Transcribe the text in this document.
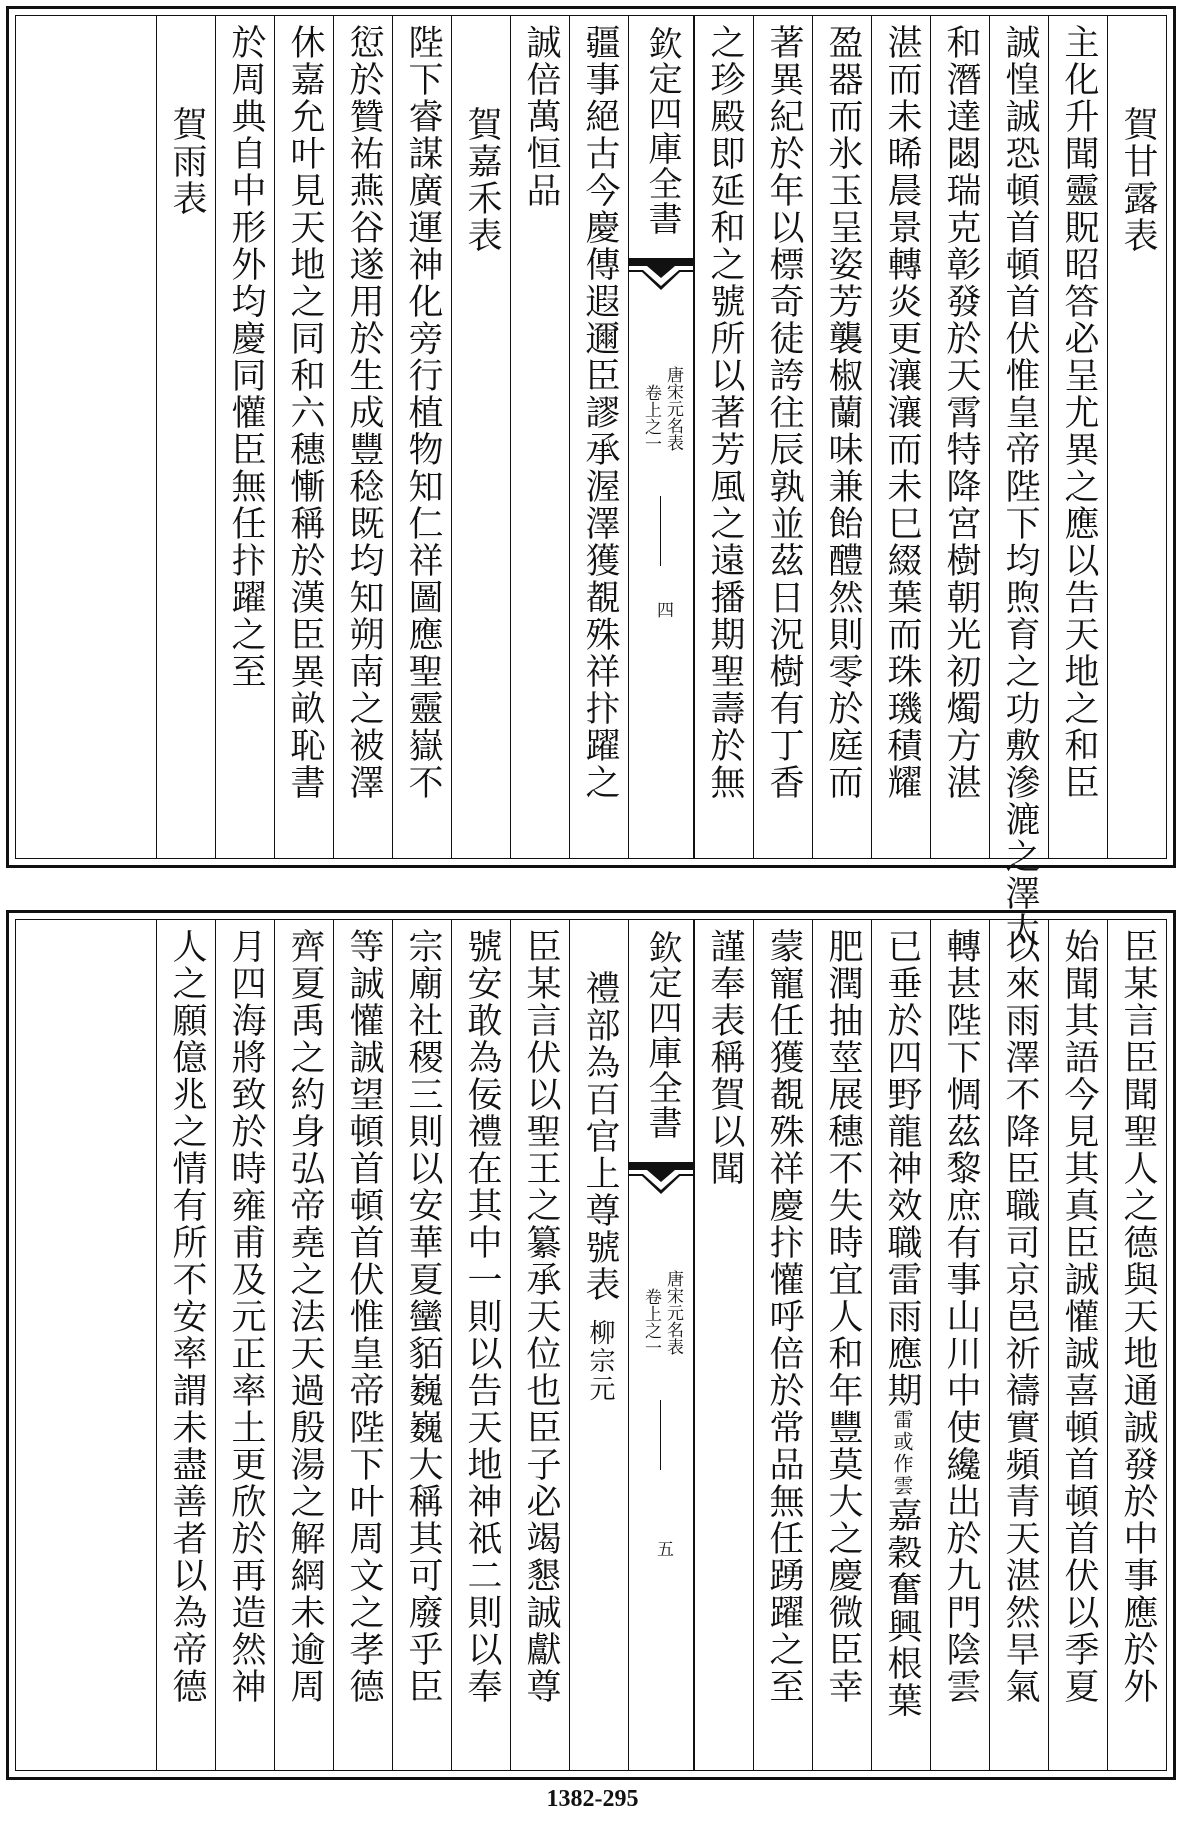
賀甘露表
主化升聞靈貺昭答必呈尤異之應以告天地之和臣
誠惶誠恐頓首頓首伏惟皇帝陛下均煦育之功敷滲漉之澤太
和潛達閟瑞克彰發於天霄特降宮樹朝光初燭方湛
湛而未晞晨景轉炎更瀼瀼而未巳綴葉而珠璣積耀
盈器而氷玉呈姿芳襲椒蘭味兼飴醴然則零於庭而
著異紀於年以標奇徒誇往辰孰並茲日況樹有丁香
之珍殿即延和之號所以著芳風之遠播期聖壽於無
欽定四庫全書
唐宋元名表
卷上之一
四
疆事絕古今慶傳遐邇臣謬承渥澤獲覩殊祥抃躍之
誠倍萬恒品
賀嘉禾表
陛下睿謀廣運神化旁行植物知仁祥圖應聖靈嶽不
愆於贊祐燕谷遂用於生成豐稔既均知朔南之被澤
休嘉允叶見天地之同和六穗慚稱於漢臣異畝恥書
於周典自中形外均慶同懽臣無任抃躍之至
賀雨表
臣某言臣聞聖人之德與天地通誠發於中事應於外
始聞其語今見其真臣誠懽誠喜頓首頓首伏以季夏
以來雨澤不降臣職司京邑祈禱實頻青天湛然旱氣
轉甚陛下惆茲黎庶有事山川中使纔出於九門陰雲
已垂於四野龍神效職雷雨應期雷或作雲嘉穀奮興根葉
肥潤抽莖展穗不失時宜人和年豐莫大之慶微臣幸
蒙寵任獲覩殊祥慶抃懽呼倍於常品無任踴躍之至
謹奉表稱賀以聞
欽定四庫全書
唐宋元名表
卷上之一
五
禮部為百官上尊號表柳宗元
臣某言伏以聖王之纂承天位也臣子必竭懇誠獻尊
號安敢為佞禮在其中一則以告天地神祇二則以奉
宗廟社稷三則以安華夏蠻貊巍巍大稱其可廢乎臣
等誠懽誠望頓首頓首伏惟皇帝陛下叶周文之孝德
齊夏禹之約身弘帝堯之法天過殷湯之解網未逾周
月四海將致於時雍甫及元正率土更欣於再造然神
人之願億兆之情有所不安率謂未盡善者以為帝德
1382-295
